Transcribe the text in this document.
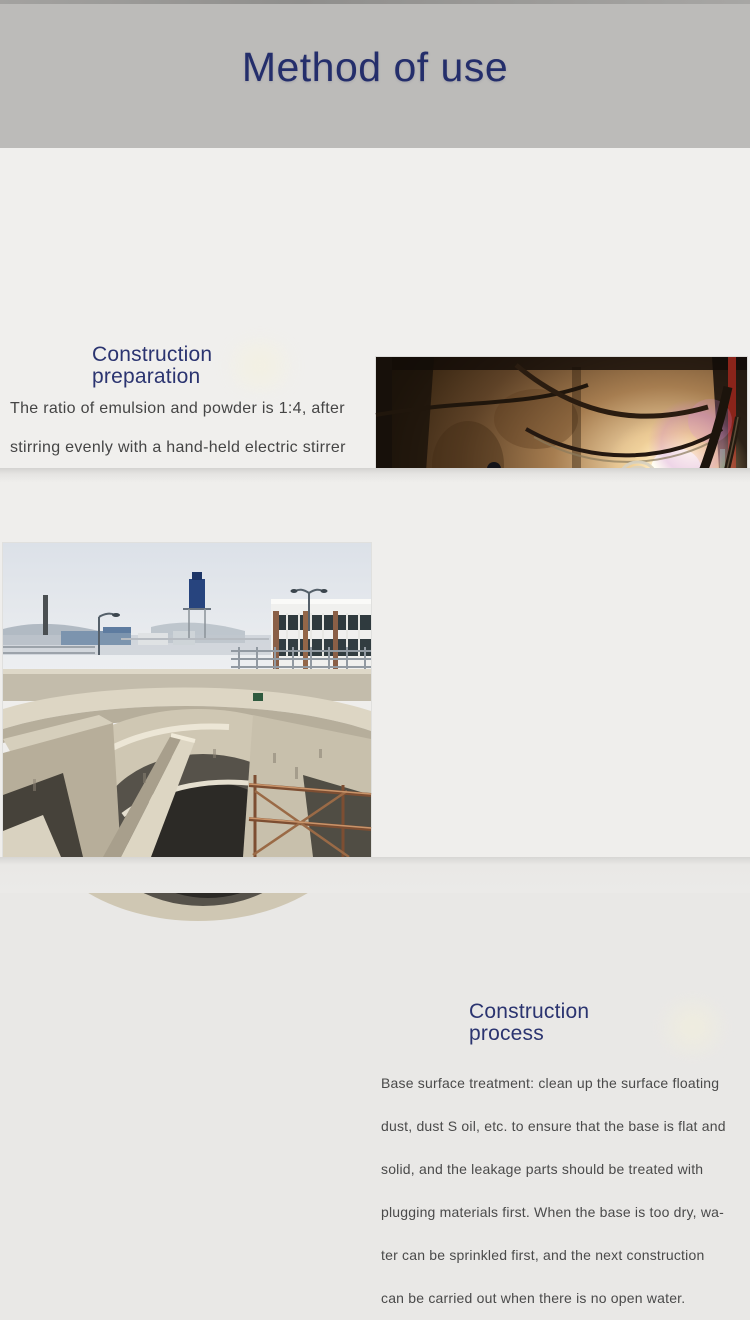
Method of use
Construction
preparation
The ratio of emulsion and powder is 1:4, after
stirring evenly with a hand-held electric stirrer
Construction
process
Base surface treatment: clean up the surface floating
dust, dust S oil, etc. to ensure that the base is flat and
solid, and the leakage parts should be treated with
plugging materials first. When the base is too dry, wa-
ter can be sprinkled first, and the next construction
can be carried out when there is no open water.
